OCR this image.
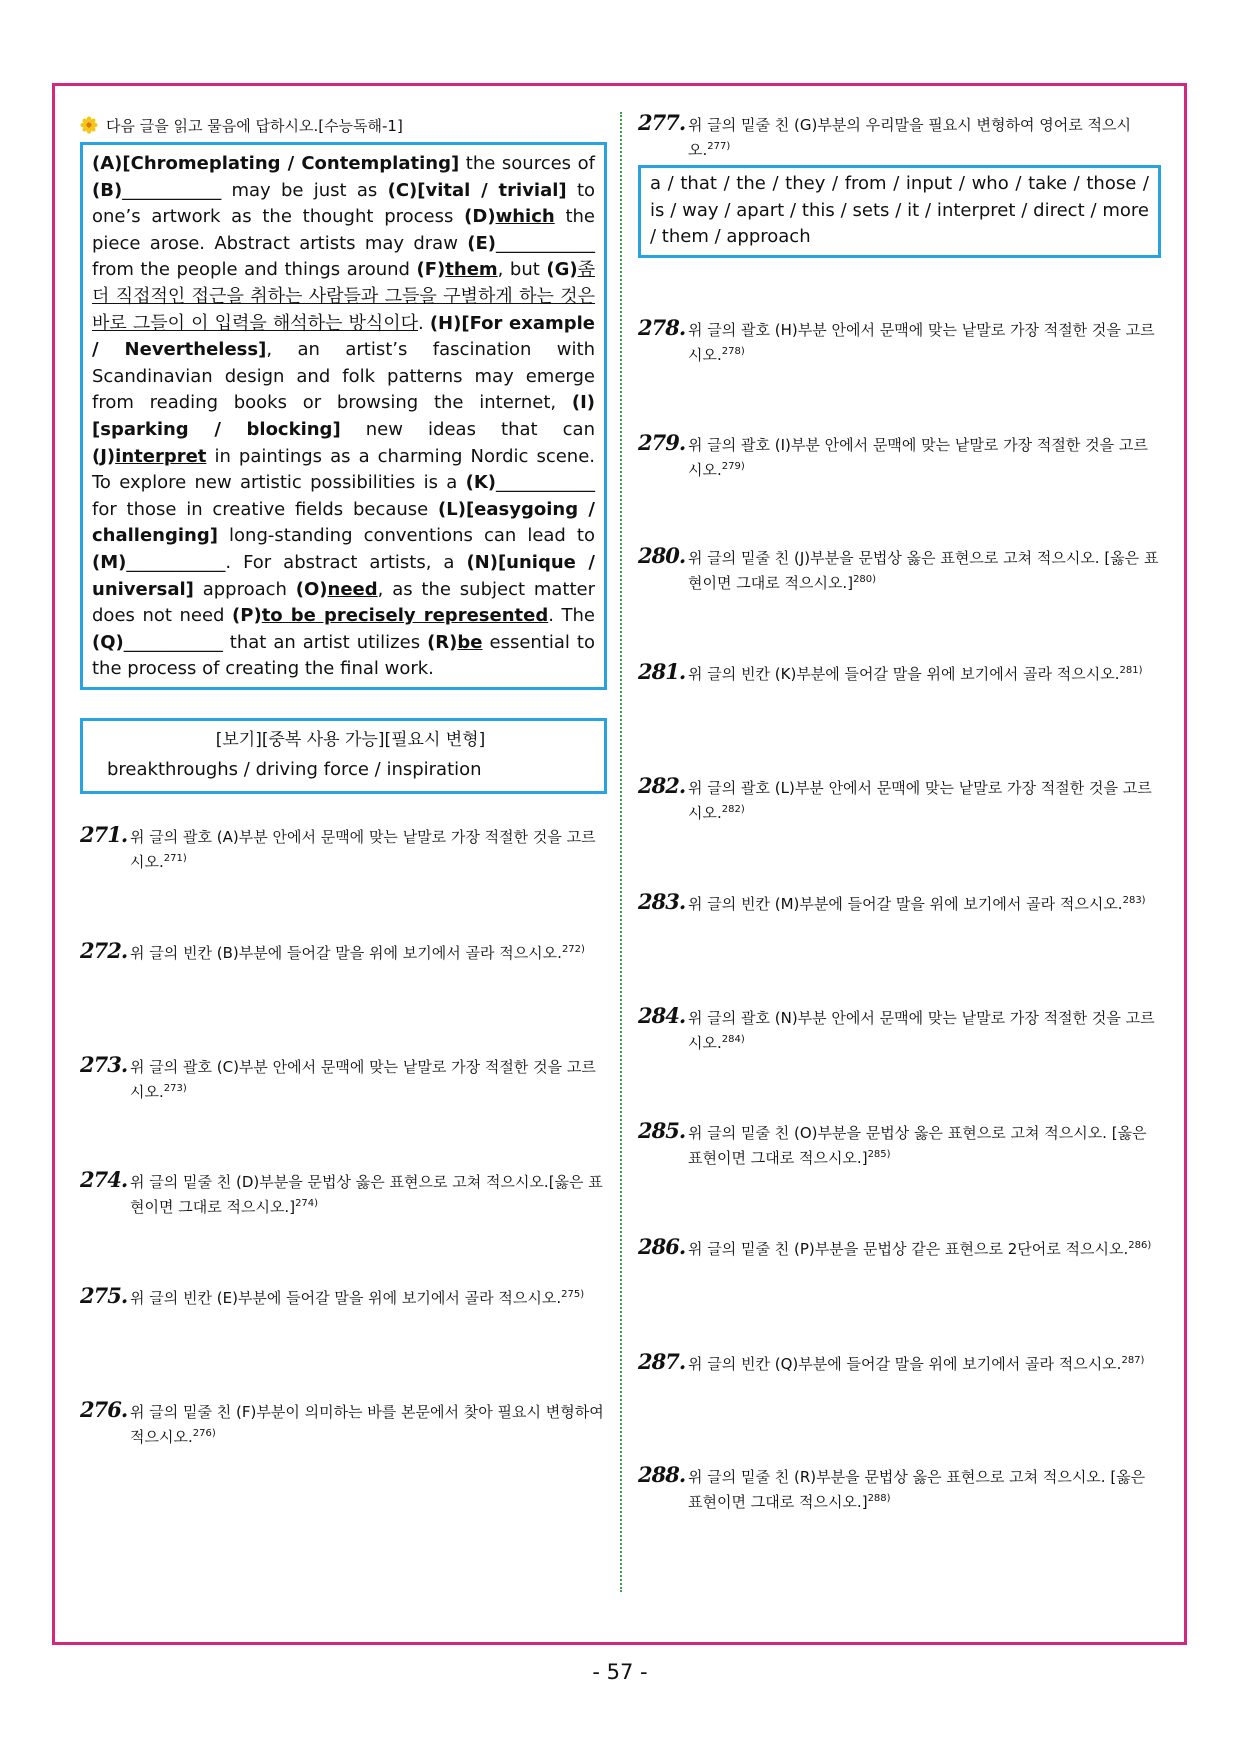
다음 글을 읽고 물음에 답하시오.[수능독해-1]
(A)[Chromeplating / Contemplating] the sources of (B)___________ may be just as (C)[vital / trivial] to one’s artwork as the thought process (D)which the piece arose. Abstract artists may draw (E)___________ from the people and things around (F)them, but (G)좀 더 직접적인 접근을 취하는 사람들과 그들을 구별하게 하는 것은 바로 그들이 이 입력을 해석하는 방식이다. (H)[For example / Nevertheless], an artist’s fascination with Scandinavian design and folk patterns may emerge from reading books or browsing the internet, (I)[sparking / blocking] new ideas that can (J)interpret in paintings as a charming Nordic scene. To explore new artistic possibilities is a (K)___________ for those in creative fields because (L)[easygoing / challenging] long-standing conventions can lead to (M)___________. For abstract artists, a (N)[unique / universal] approach (O)need, as the subject matter does not need (P)to be precisely represented. The (Q)___________ that an artist utilizes (R)be essential to the process of creating the final work.
[보기][중복 사용 가능][필요시 변형]
breakthroughs / driving force / inspiration
271. 위 글의 괄호 (A)부분 안에서 문맥에 맞는 낱말로 가장 적절한 것을 고르시오.$^{271)}$
272. 위 글의 빈칸 (B)부분에 들어갈 말을 위에 보기에서 골라 적으시오.$^{272)}$
273. 위 글의 괄호 (C)부분 안에서 문맥에 맞는 낱말로 가장 적절한 것을 고르시오.$^{273)}$
274. 위 글의 밑줄 친 (D)부분을 문법상 옳은 표현으로 고쳐 적으시오.[옳은 표현이면 그대로 적으시오.]$^{274)}$
275. 위 글의 빈칸 (E)부분에 들어갈 말을 위에 보기에서 골라 적으시오.$^{275)}$
276. 위 글의 밑줄 친 (F)부분이 의미하는 바를 본문에서 찾아 필요시 변형하여 적으시오.$^{276)}$
277. 위 글의 밑줄 친 (G)부분의 우리말을 필요시 변형하여 영어로 적으시오.$^{277)}$
a / that / the / they / from / input / who / take / those / is / way / apart / this / sets / it / interpret / direct / more / them / approach
278. 위 글의 괄호 (H)부분 안에서 문맥에 맞는 낱말로 가장 적절한 것을 고르시오.$^{278)}$
279. 위 글의 괄호 (I)부분 안에서 문맥에 맞는 낱말로 가장 적절한 것을 고르시오.$^{279)}$
280. 위 글의 밑줄 친 (J)부분을 문법상 옳은 표현으로 고쳐 적으시오. [옳은 표현이면 그대로 적으시오.]$^{280)}$
281. 위 글의 빈칸 (K)부분에 들어갈 말을 위에 보기에서 골라 적으시오.$^{281)}$
282. 위 글의 괄호 (L)부분 안에서 문맥에 맞는 낱말로 가장 적절한 것을 고르시오.$^{282)}$
283. 위 글의 빈칸 (M)부분에 들어갈 말을 위에 보기에서 골라 적으시오.$^{283)}$
284. 위 글의 괄호 (N)부분 안에서 문맥에 맞는 낱말로 가장 적절한 것을 고르시오.$^{284)}$
285. 위 글의 밑줄 친 (O)부분을 문법상 옳은 표현으로 고쳐 적으시오. [옳은 표현이면 그대로 적으시오.]$^{285)}$
286. 위 글의 밑줄 친 (P)부분을 문법상 같은 표현으로 2단어로 적으시오.$^{286)}$
287. 위 글의 빈칸 (Q)부분에 들어갈 말을 위에 보기에서 골라 적으시오.$^{287)}$
288. 위 글의 밑줄 친 (R)부분을 문법상 옳은 표현으로 고쳐 적으시오. [옳은 표현이면 그대로 적으시오.]$^{288)}$
- 57 -
